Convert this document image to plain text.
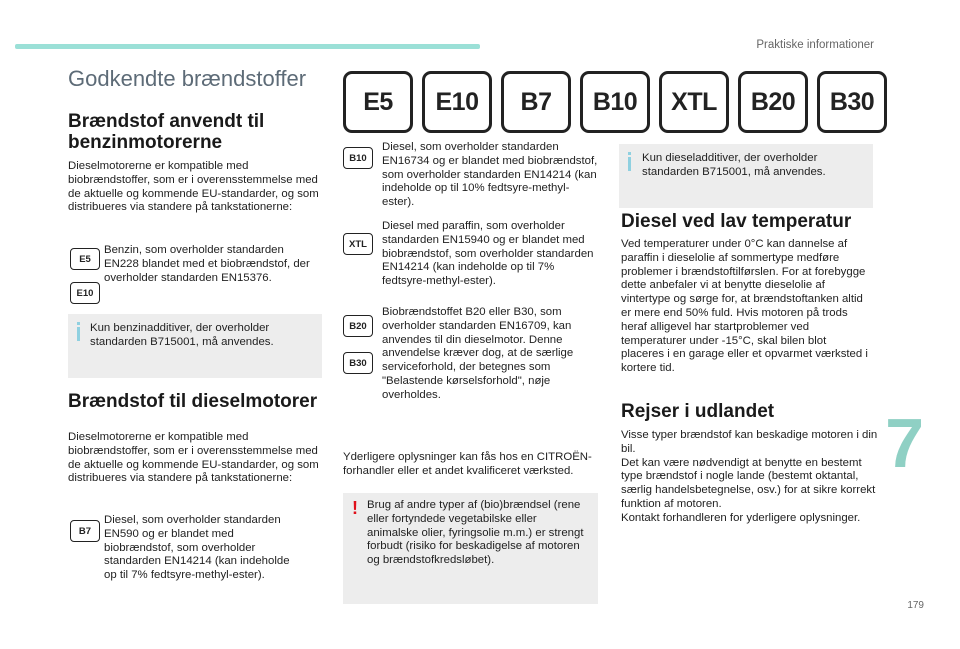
Praktiske informationer
Godkendte brændstoffer
E5	E10	B7	B10	XTL	B20	B30
Brændstof anvendt til benzinmotorerne
Dieselmotorerne er kompatible med biobrændstoffer, som er i overensstemmelse med de aktuelle og kommende EU-standarder, og som distribueres via standere på tankstationerne:
E5
E10
Benzin, som overholder standarden EN228 blandet med et biobrændstof, der overholder standarden EN15376.
Kun benzinadditiver, der overholder standarden B715001, må anvendes.
Brændstof til dieselmotorer
Dieselmotorerne er kompatible med biobrændstoffer, som er i overensstemmelse med de aktuelle og kommende EU-standarder, og som distribueres via standere på tankstationerne:
B7
Diesel, som overholder standarden EN590 og er blandet med biobrændstof, som overholder standarden EN14214 (kan indeholde op til 7% fedtsyre-methyl-ester).
B10
Diesel, som overholder standarden EN16734 og er blandet med biobrændstof, som overholder standarden EN14214 (kan indeholde op til 10% fedtsyre-methyl-ester).
XTL
Diesel med paraffin, som overholder standarden EN15940 og er blandet med biobrændstof, som overholder standarden EN14214 (kan indeholde op til 7% fedtsyre-methyl-ester).
B20
B30
Biobrændstoffet B20 eller B30, som overholder standarden EN16709, kan anvendes til din dieselmotor. Denne anvendelse kræver dog, at de særlige serviceforhold, der betegnes som "Belastende kørselsforhold", nøje overholdes.
Yderligere oplysninger kan fås hos en CITROËN-forhandler eller et andet kvalificeret værksted.
! Brug af andre typer af (bio)brændsel (rene eller fortyndede vegetabilske eller animalske olier, fyringsolie m.m.) er strengt forbudt (risiko for beskadigelse af motoren og brændstofkredsløbet).
Kun dieseladditiver, der overholder standarden B715001, må anvendes.
Diesel ved lav temperatur
Ved temperaturer under 0°C kan dannelse af paraffin i dieselolie af sommertype medføre problemer i brændstoftilførslen. For at forebygge dette anbefaler vi at benytte dieselolie af vintertype og sørge for, at brændstoftanken altid er mere end 50% fuld. Hvis motoren på trods heraf alligevel har startproblemer ved temperaturer under -15°C, skal bilen blot placeres i en garage eller et opvarmet værksted i kortere tid.
Rejser i udlandet
Visse typer brændstof kan beskadige motoren i din bil.
Det kan være nødvendigt at benytte en bestemt type brændstof i nogle lande (bestemt oktantal, særlig handelsbetegnelse, osv.) for at sikre korrekt funktion af motoren.
Kontakt forhandleren for yderligere oplysninger.
7
179
